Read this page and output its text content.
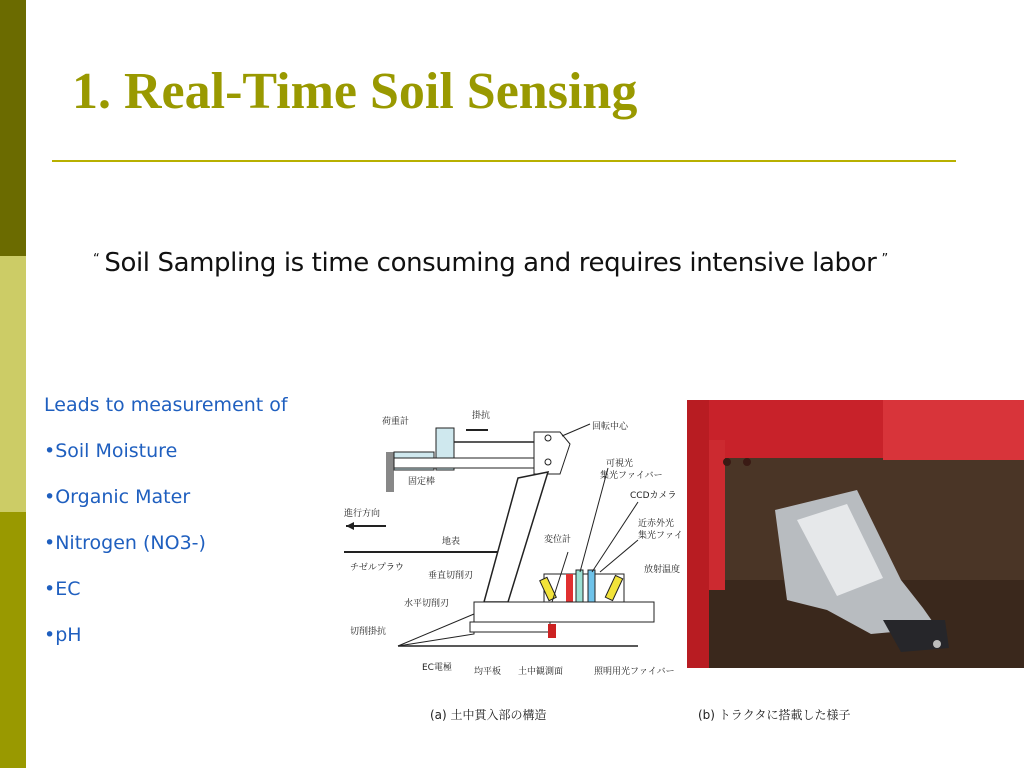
1. Real-Time Soil Sensing
“ Soil Sampling is time consuming and requires intensive labor ”
Leads to measurement of
•Soil Moisture
•Organic Mater
•Nitrogen (NO3-)
•EC
•pH
荷重計
掛抗
回転中心
可視光
集光ファイバー
CCDカメラ
近赤外光
集光ファイ
固定棒
進行方向
地表	変位計
放射温度
チゼルプラウ
垂直切削刃
水平切削刃
切削掛抗
EC電極 均平板 土中観測面	照明用光ファイバー
(a) 土中貫入部の構造	(b) トラクタに搭載した様子
